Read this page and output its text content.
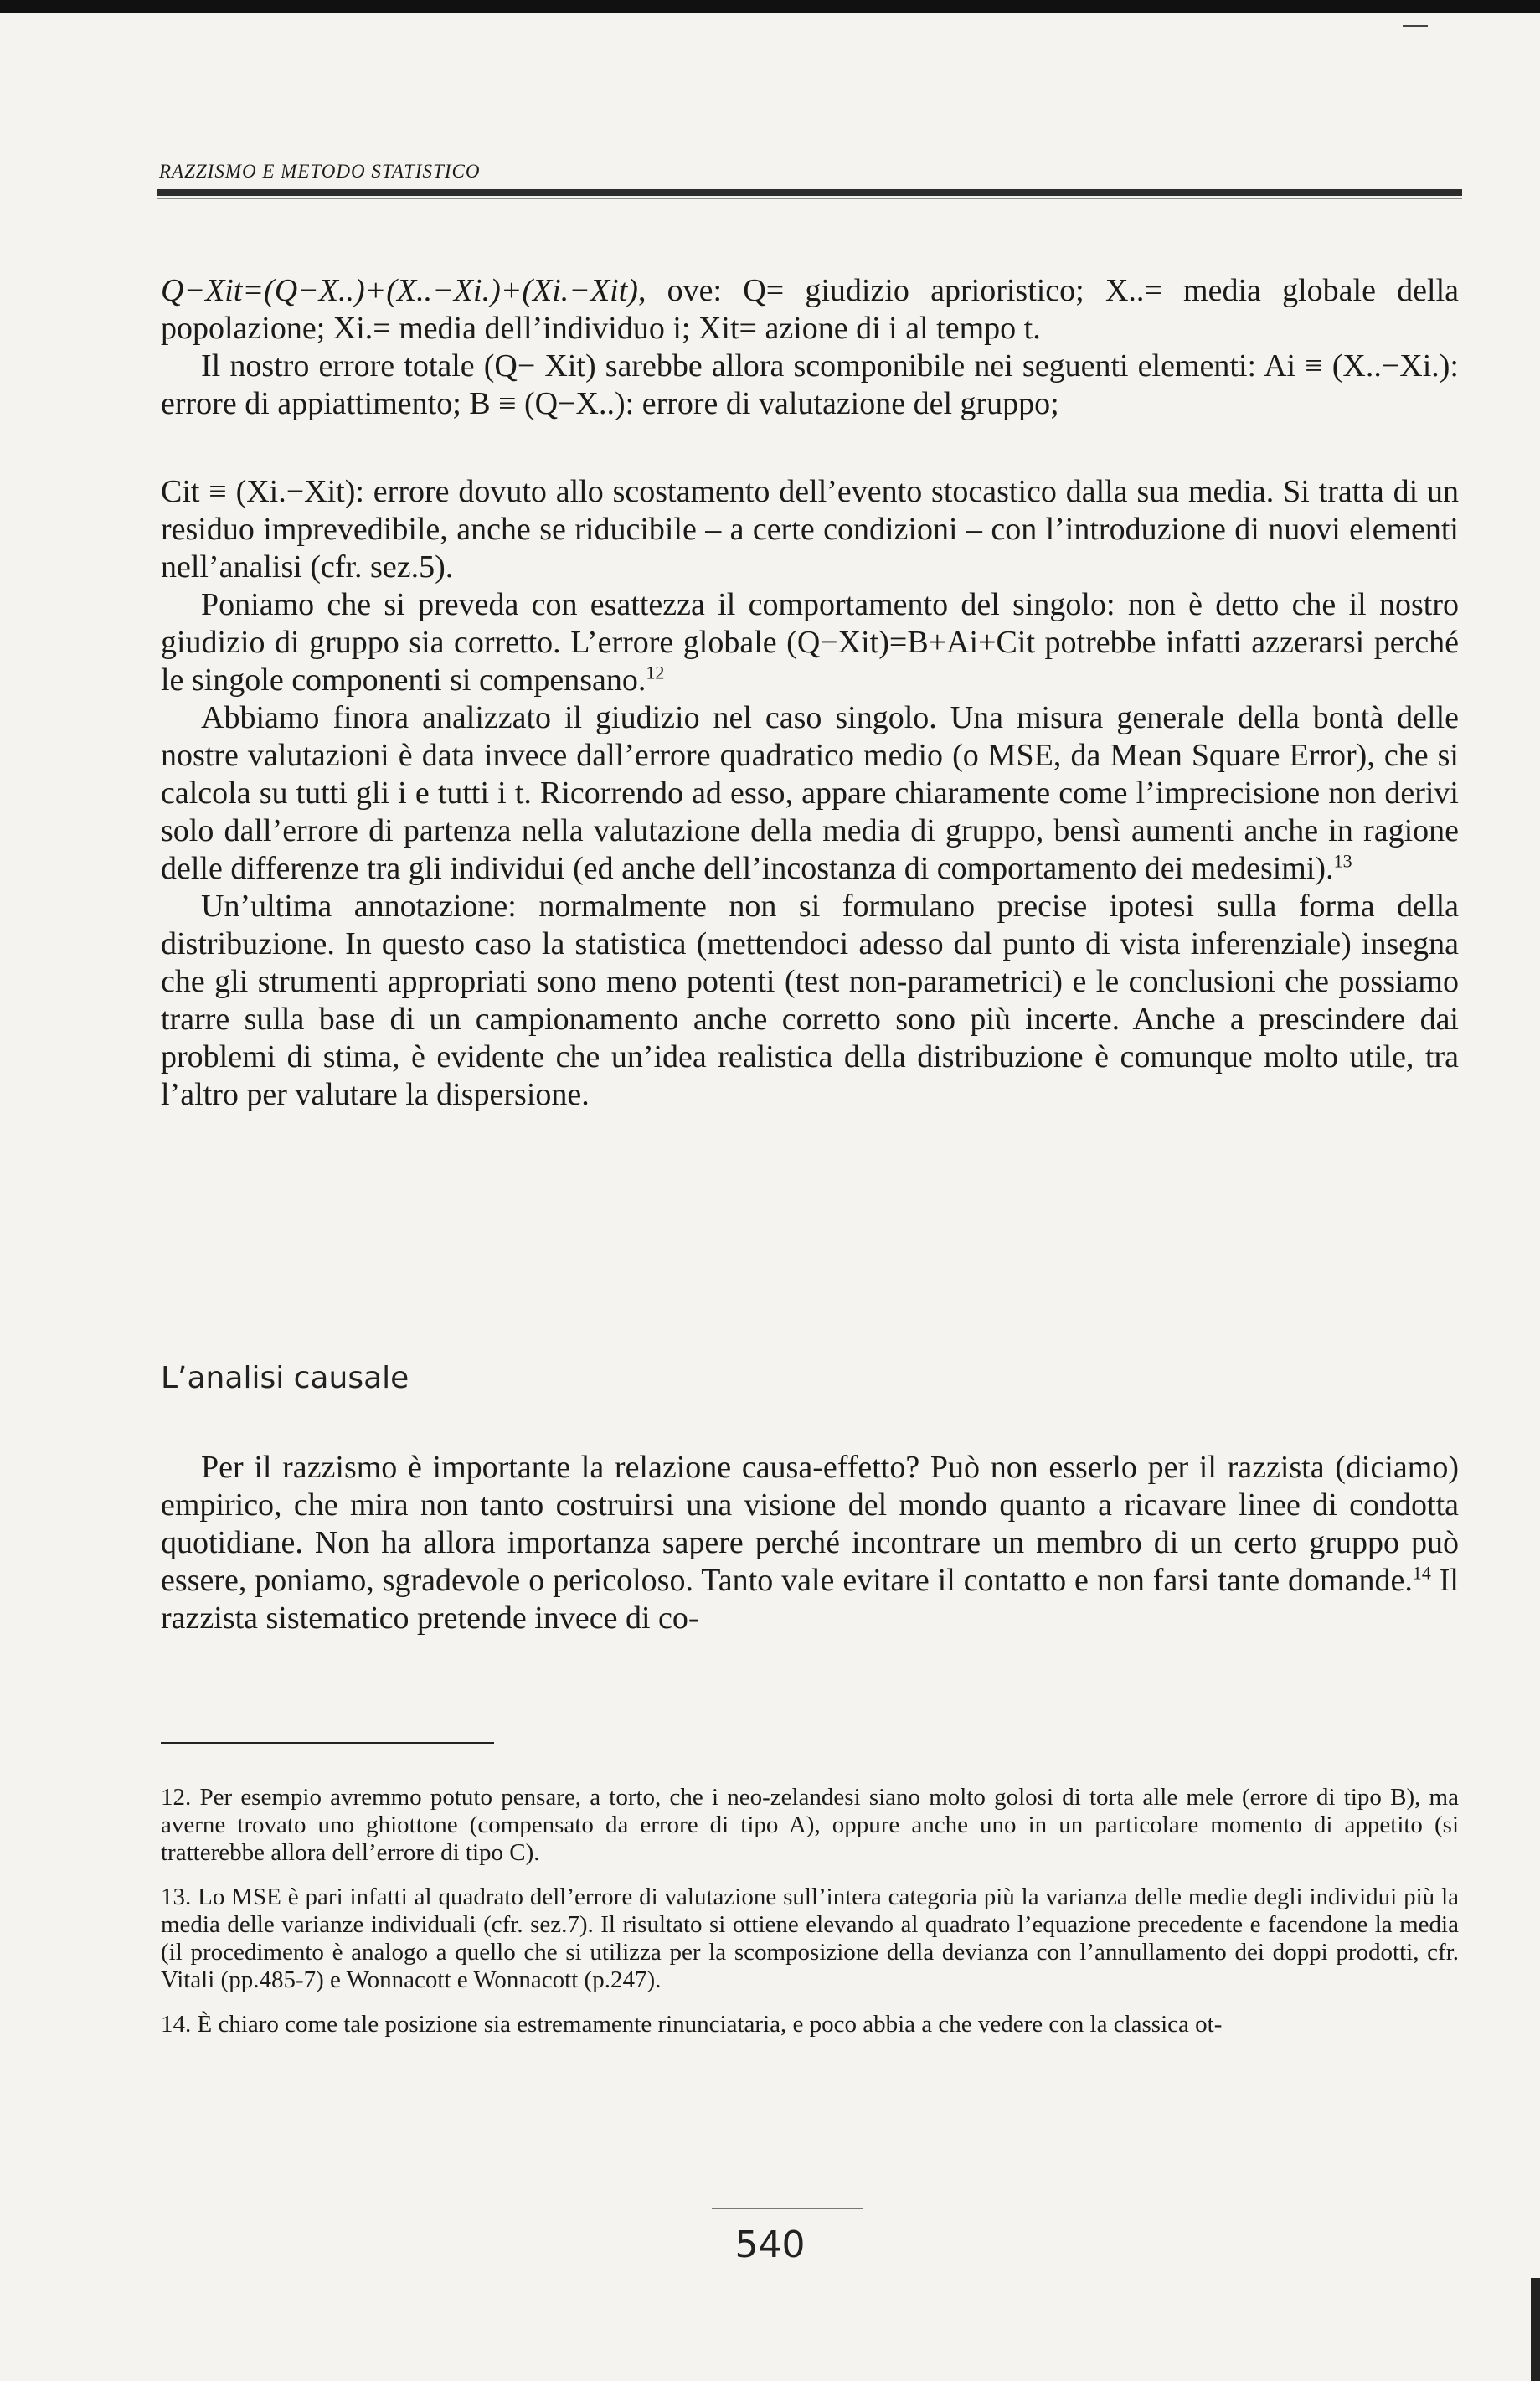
RAZZISMO E METODO STATISTICO

Q−Xit=(Q−X..)+(X..−Xi.)+(Xi.−Xit), ove: Q= giudizio aprioristico; X..= media globale della popolazione; Xi.= media dell’individuo i; Xit= azione di i al tempo t.

Il nostro errore totale (Q− Xit) sarebbe allora scomponibile nei seguenti elementi: Ai ≡ (X..−Xi.): errore di appiattimento; B ≡ (Q−X..): errore di valutazione del gruppo;

Cit ≡ (Xi.−Xit): errore dovuto allo scostamento dell’evento stocastico dalla sua media. Si tratta di un residuo imprevedibile, anche se riducibile – a certe condizioni – con l’introduzione di nuovi elementi nell’analisi (cfr. sez.5).

Poniamo che si preveda con esattezza il comportamento del singolo: non è detto che il nostro giudizio di gruppo sia corretto. L’errore globale (Q−Xit)=B+Ai+Cit potrebbe infatti azzerarsi perché le singole componenti si compensano.$^{12}$

Abbiamo finora analizzato il giudizio nel caso singolo. Una misura generale della bontà delle nostre valutazioni è data invece dall’errore quadratico medio (o MSE, da Mean Square Error), che si calcola su tutti gli i e tutti i t. Ricorrendo ad esso, appare chiaramente come l’imprecisione non derivi solo dall’errore di partenza nella valutazione della media di gruppo, bensì aumenti anche in ragione delle differenze tra gli individui (ed anche dell’incostanza di comportamento dei medesimi).$^{13}$

Un’ultima annotazione: normalmente non si formulano precise ipotesi sulla forma della distribuzione. In questo caso la statistica (mettendoci adesso dal punto di vista inferenziale) insegna che gli strumenti appropriati sono meno potenti (test non-parametrici) e le conclusioni che possiamo trarre sulla base di un campionamento anche corretto sono più incerte. Anche a prescindere dai problemi di stima, è evidente che un’idea realistica della distribuzione è comunque molto utile, tra l’altro per valutare la dispersione.

L’analisi causale

Per il razzismo è importante la relazione causa-effetto? Può non esserlo per il razzista (diciamo) empirico, che mira non tanto costruirsi una visione del mondo quanto a ricavare linee di condotta quotidiane. Non ha allora importanza sapere perché incontrare un membro di un certo gruppo può essere, poniamo, sgradevole o pericoloso. Tanto vale evitare il contatto e non farsi tante domande.$^{14}$ Il razzista sistematico pretende invece di co-

12. Per esempio avremmo potuto pensare, a torto, che i neo-zelandesi siano molto golosi di torta alle mele (errore di tipo B), ma averne trovato uno ghiottone (compensato da errore di tipo A), oppure anche uno in un particolare momento di appetito (si tratterebbe allora dell’errore di tipo C).

13. Lo MSE è pari infatti al quadrato dell’errore di valutazione sull’intera categoria più la varianza delle medie degli individui più la media delle varianze individuali (cfr. sez.7). Il risultato si ottiene elevando al quadrato l’equazione precedente e facendone la media (il procedimento è analogo a quello che si utilizza per la scomposizione della devianza con l’annullamento dei doppi prodotti, cfr. Vitali (pp.485-7) e Wonnacott e Wonnacott (p.247).

14. È chiaro come tale posizione sia estremamente rinunciataria, e poco abbia a che vedere con la classica ot-

540
